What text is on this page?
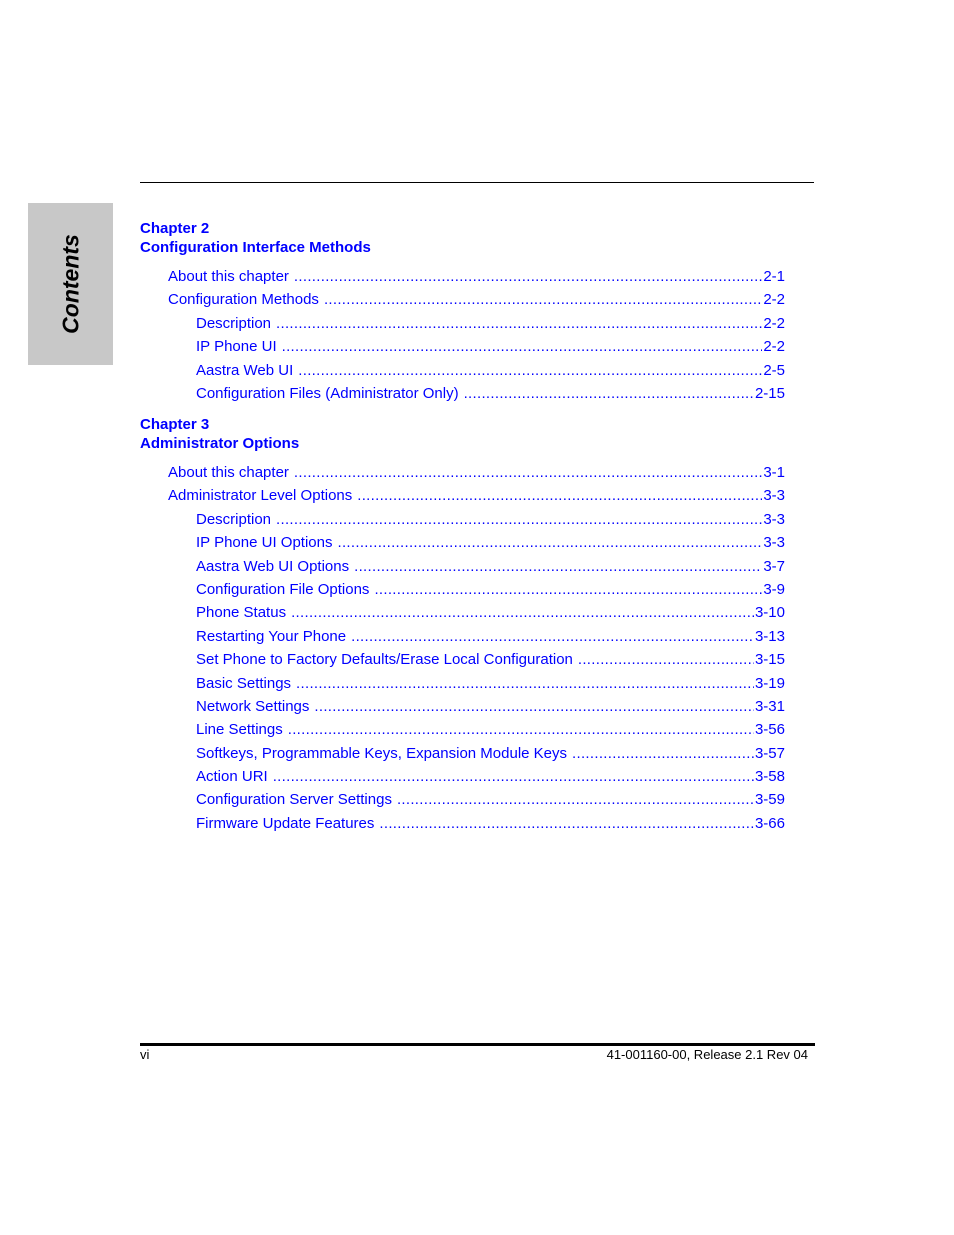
Contents
Chapter 2
Configuration Interface Methods
About this chapter .....	2-1
Configuration Methods .....	2-2
Description .....	2-2
IP Phone UI .....	2-2
Aastra Web UI .....	2-5
Configuration Files (Administrator Only) .....	2-15
Chapter 3
Administrator Options
About this chapter .....	3-1
Administrator Level Options .....	3-3
Description .....	3-3
IP Phone UI Options .....	3-3
Aastra Web UI Options .....	3-7
Configuration File Options .....	3-9
Phone Status .....	3-10
Restarting Your Phone .....	3-13
Set Phone to Factory Defaults/Erase Local Configuration .....	3-15
Basic Settings .....	3-19
Network Settings .....	3-31
Line Settings .....	3-56
Softkeys, Programmable Keys, Expansion Module Keys .....	3-57
Action URI .....	3-58
Configuration Server Settings .....	3-59
Firmware Update Features .....	3-66
vi	41-001160-00, Release 2.1 Rev 04
